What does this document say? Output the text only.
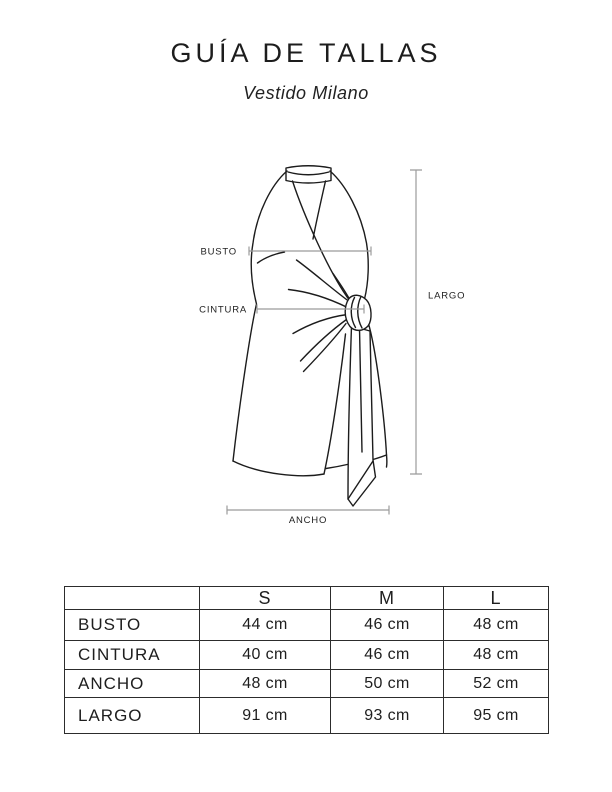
GUÍA DE TALLAS
Vestido Milano
BUSTO
CINTURA
LARGO
ANCHO
	S	M	L
BUSTO	44 cm	46 cm	48 cm
CINTURA	40 cm	46 cm	48 cm
ANCHO	48 cm	50 cm	52 cm
LARGO	91 cm	93 cm	95 cm
